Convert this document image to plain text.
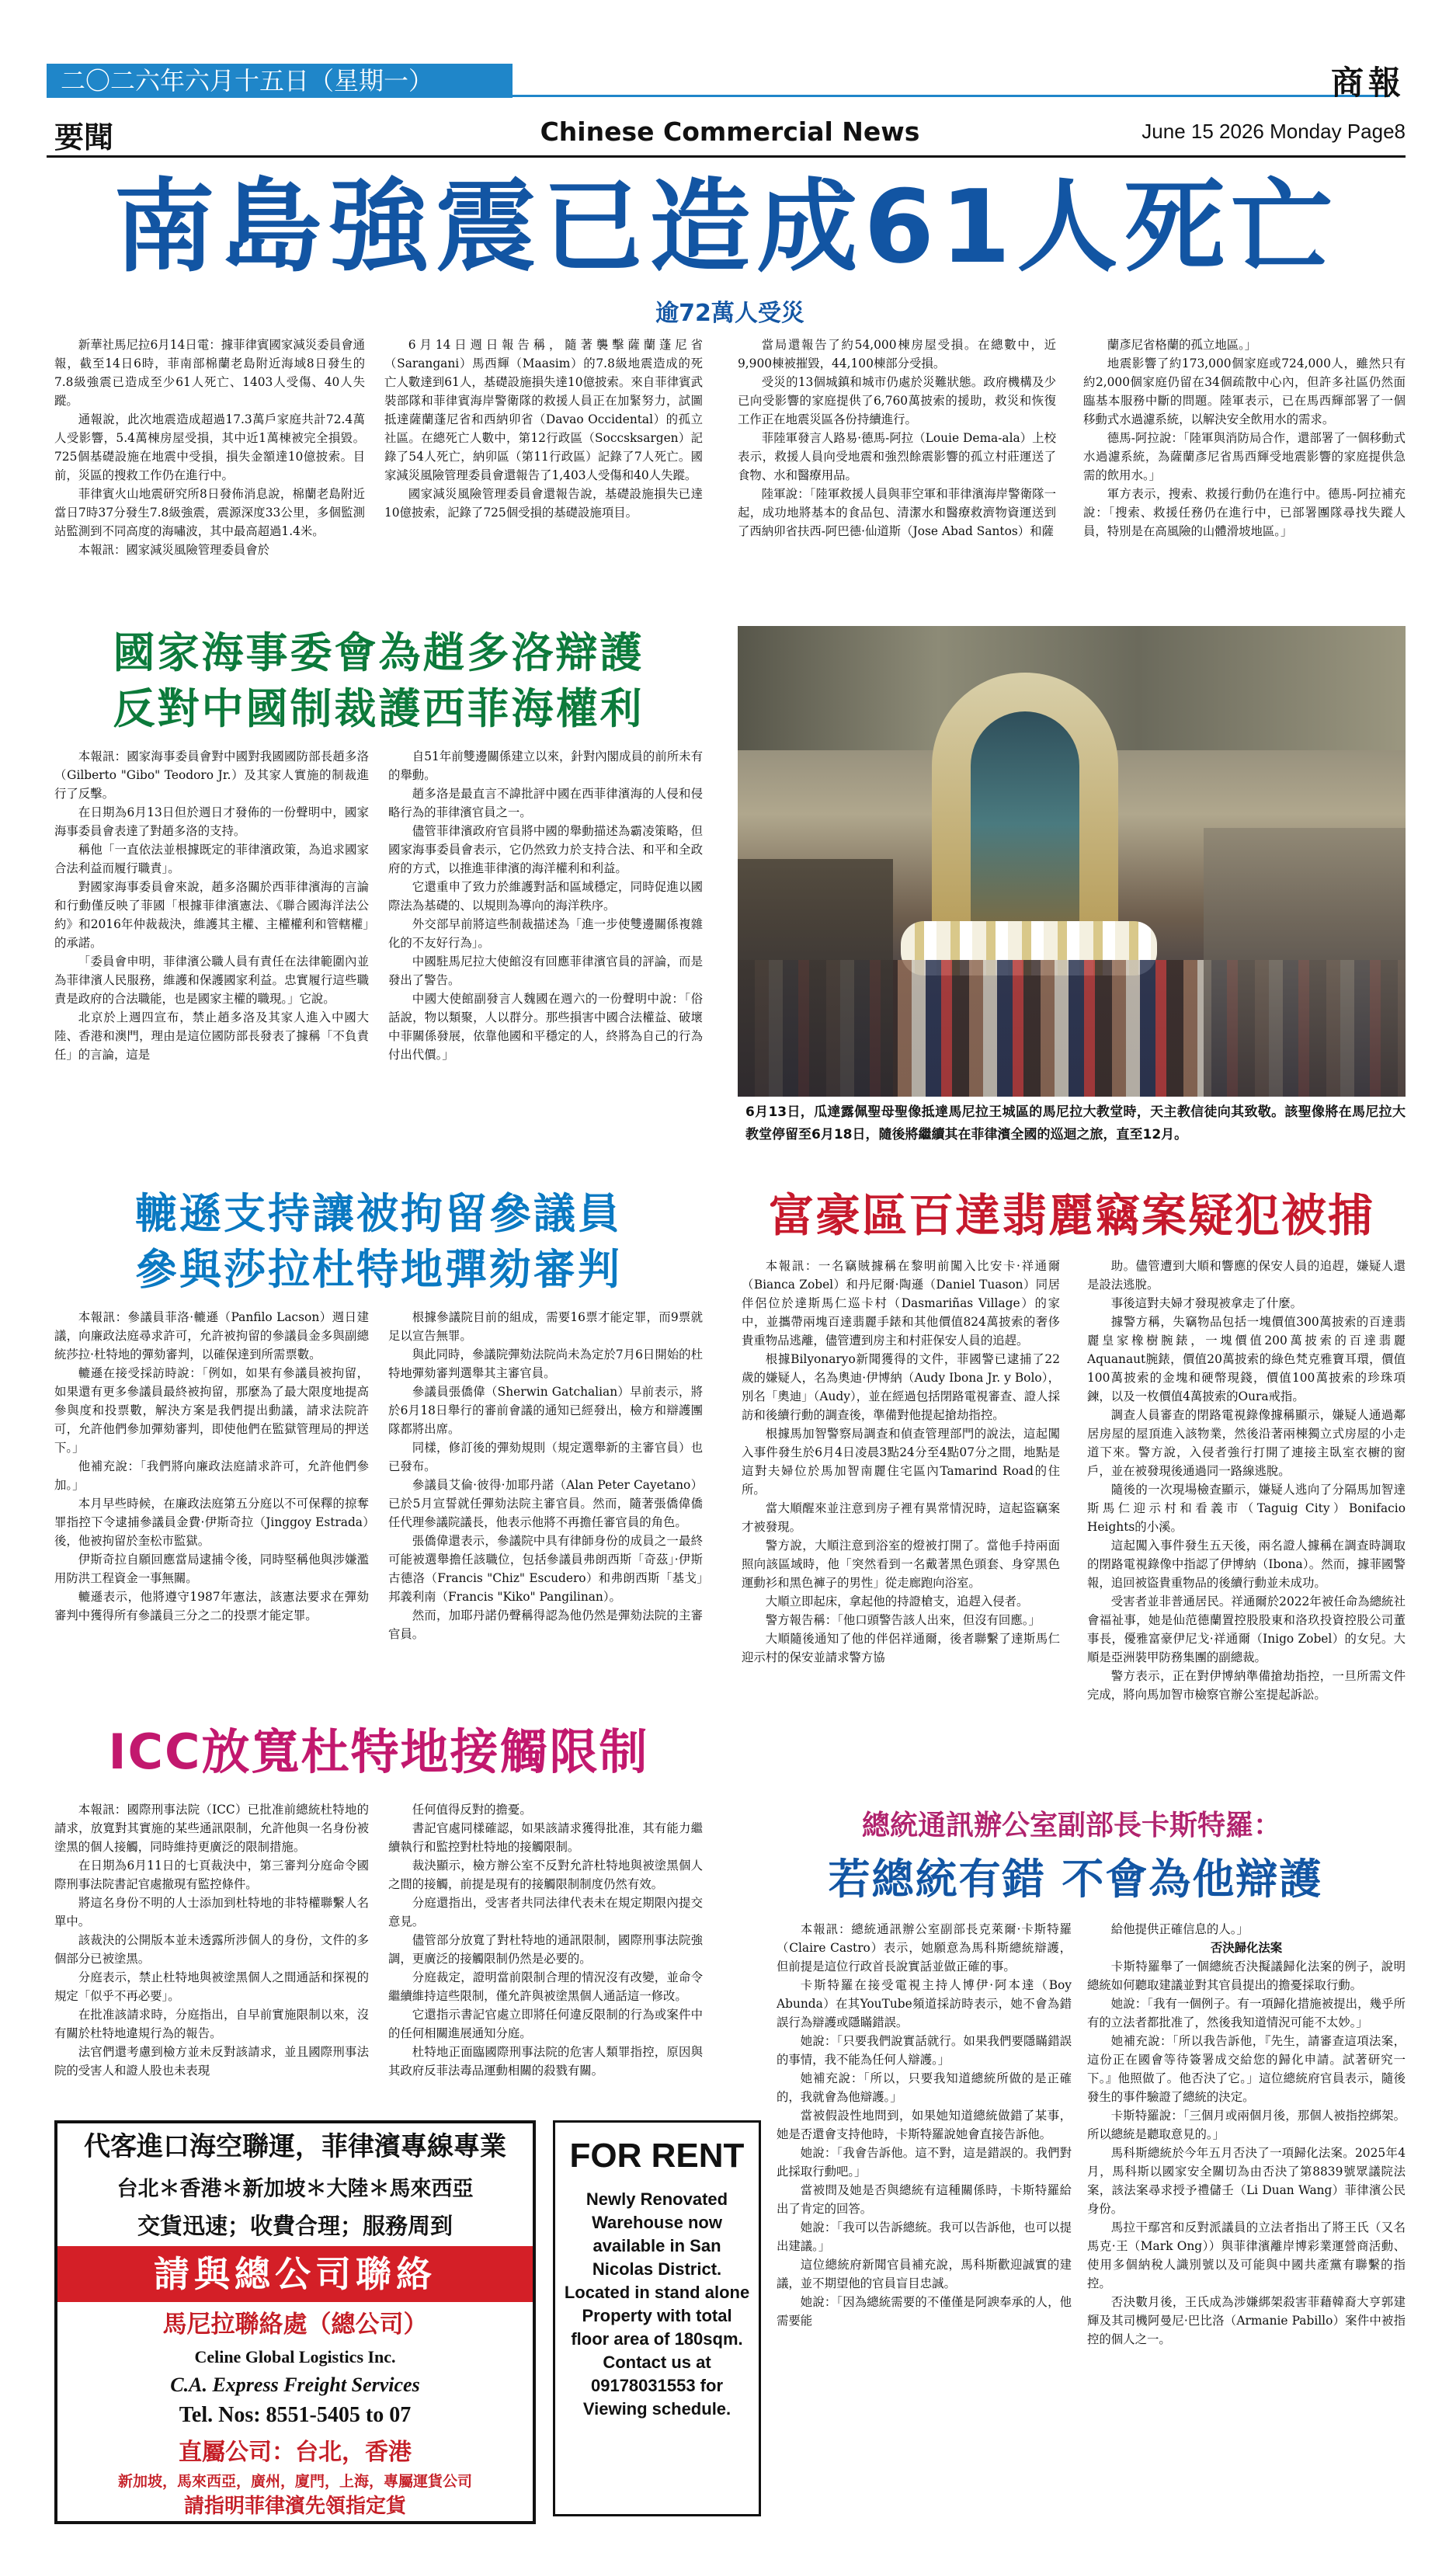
二〇二六年六月十五日（星期一）	商報
要聞	Chinese Commercial News	June 15 2026 Monday Page8
南島強震已造成61人死亡
逾72萬人受災

新華社馬尼拉6月14日電：據菲律賓國家減災委員會通報，截至14日6時，菲南部棉蘭老島附近海域8日發生的7.8級強震已造成至少61人死亡、1403人受傷、40人失蹤。

通報說，此次地震造成超過17.3萬戶家庭共計72.4萬人受影響，5.4萬棟房屋受損，其中近1萬棟被完全損毀。725個基礎設施在地震中受損，損失金額達10億披索。目前，災區的搜救工作仍在進行中。

菲律賓火山地震研究所8日發佈消息說，棉蘭老島附近當日7時37分發生7.8級強震，震源深度33公里，多個監測站監測到不同高度的海嘯波，其中最高超過1.4米。

本報訊：國家減災風險管理委員會於

6月14日週日報告稱，隨著襲擊薩蘭蓬尼省（Sarangani）馬西輝（Maasim）的7.8級地震造成的死亡人數達到61人，基礎設施損失達10億披索。來自菲律賓武裝部隊和菲律賓海岸警衛隊的救援人員正在加緊努力，試圖抵達薩蘭蓬尼省和西納卯省（Davao Occidental）的孤立社區。在總死亡人數中，第12行政區（Soccsksargen）記錄了54人死亡，納卯區（第11行政區）記錄了7人死亡。國家減災風險管理委員會還報告了1,403人受傷和40人失蹤。

國家減災風險管理委員會還報告說，基礎設施損失已達10億披索，記錄了725個受損的基礎設施項目。

當局還報告了約54,000棟房屋受損。在總數中，近9,900棟被摧毀，44,100棟部分受損。

受災的13個城鎮和城市仍處於災難狀態。政府機構及少已向受影響的家庭提供了6,760萬披索的援助，救災和恢復工作正在地震災區各份持續進行。

菲陸軍發言人路易·德馬-阿拉（Louie Dema-ala）上校表示，救援人員向受地震和強烈餘震影響的孤立村莊運送了食物、水和醫療用品。

陸軍說：「陸軍救援人員與菲空軍和菲律濱海岸警衛隊一起，成功地將基本的食品包、清潔水和醫療救濟物資運送到了西納卯省扶西-阿巴德·仙道斯（Jose Abad Santos）和薩

蘭彥尼省格蘭的孤立地區。」

地震影響了約173,000個家庭或724,000人，雖然只有約2,000個家庭仍留在34個疏散中心內，但許多社區仍然面臨基本服務中斷的問題。陸軍表示，已在馬西輝部署了一個移動式水過濾系統，以解決安全飲用水的需求。

德馬-阿拉說：「陸軍與消防局合作，還部署了一個移動式水過濾系統，為薩蘭彥尼省馬西輝受地震影響的家庭提供急需的飲用水。」

軍方表示，搜索、救援行動仍在進行中。德馬-阿拉補充說：「搜索、救援任務仍在進行中，已部署團隊尋找失蹤人員，特別是在高風險的山體滑坡地區。」

國家海事委會為趙多洛辯護
反對中國制裁護西菲海權利

本報訊：國家海事委員會對中國對我國國防部長趙多洛（Gilberto "Gibo" Teodoro Jr.）及其家人實施的制裁進行了反擊。

在日期為6月13日但於週日才發佈的一份聲明中，國家海事委員會表達了對趙多洛的支持。

稱他「一直依法並根據既定的菲律濱政策，為追求國家合法利益而履行職責」。

對國家海事委員會來說，趙多洛關於西菲律濱海的言論和行動僅反映了菲國「根據菲律濱憲法、《聯合國海洋法公約》和2016年仲裁裁決，維護其主權、主權權利和管轄權」的承諾。

「委員會申明，菲律濱公職人員有責任在法律範圍內並為菲律濱人民服務，維護和保護國家利益。忠實履行這些職責是政府的合法職能，也是國家主權的職現。」它說。

北京於上週四宣布，禁止趙多洛及其家人進入中國大陸、香港和澳門，理由是這位國防部長發表了據稱「不負責任」的言論，這是

自51年前雙邊關係建立以來，針對內閣成員的前所未有的舉動。

趙多洛是最直言不諱批評中國在西菲律濱海的人侵和侵略行為的菲律濱官員之一。

儘管菲律濱政府官員將中國的舉動描述為霸凌策略，但國家海事委員會表示，它仍然致力於支持合法、和平和全政府的方式，以推進菲律濱的海洋權利和利益。

它還重申了致力於維護對話和區域穩定，同時促進以國際法為基礎的、以規則為導向的海洋秩序。

外交部早前將這些制裁描述為「進一步使雙邊關係複雜化的不友好行為」。

中國駐馬尼拉大使館沒有回應菲律濱官員的評論，而是發出了警告。

中國大使館副發言人魏國在週六的一份聲明中說：「俗話說，物以類聚，人以群分。那些損害中國合法權益、破壞中菲關係發展，依靠他國和平穩定的人，終將為自己的行為付出代價。」

6月13日，瓜達露佩聖母聖像抵達馬尼拉王城區的馬尼拉大教堂時，天主教信徒向其致敬。該聖像將在馬尼拉大教堂停留至6月18日，隨後將繼續其在菲律濱全國的巡迴之旅，直至12月。
轆遜支持讓被拘留參議員
參與莎拉杜特地彈劾審判

本報訊：參議員菲洛·轆遜（Panfilo Lacson）週日建議，向廉政法庭尋求許可，允許被拘留的參議員金多與副總統莎拉·杜特地的彈劾審判，以確保達到所需票數。

轆遜在接受採訪時說：「例如，如果有參議員被拘留，如果還有更多參議員最終被拘留，那麼為了最大限度地提高參與度和投票數，解決方案是我們提出動議，請求法院許可，允許他們參加彈劾審判，即使他們在監獄管理局的押送下。」

他補充說：「我們將向廉政法庭請求許可，允許他們參加。」

本月早些時候，在廉政法庭第五分庭以不可保釋的掠奪罪指控下令逮捕參議員金費·伊斯奇拉（Jinggoy Estrada）後，他被拘留於奎松市監獄。

伊斯奇拉自願回應當局逮捕令後，同時堅稱他與涉嫌濫用防洪工程資金一事無關。

轆遜表示，他將遵守1987年憲法，該憲法要求在彈劾審判中獲得所有參議員三分之二的投票才能定罪。

根據參議院目前的組成，需要16票才能定罪，而9票就足以宣告無罪。

與此同時，參議院彈劾法院尚未為定於7月6日開始的杜特地彈劾審判選舉其主審官員。

參議員張僑偉（Sherwin Gatchalian）早前表示，將於6月18日舉行的審前會議的通知已經發出，檢方和辯護團隊都將出席。

同樣，修訂後的彈劾規則（規定選舉新的主審官員）也已發布。

參議員艾倫·彼得·加耶丹諾（Alan Peter Cayetano）已於5月宣誓就任彈劾法院主審官員。然而，隨著張僑偉僑任代理參議院議長，他表示他將不再擔任審官員的角色。

張僑偉還表示，參議院中具有律師身份的成員之一最終可能被選舉擔任該職位，包括參議員弗朗西斯「奇茲」·伊斯古德洛（Francis "Chiz" Escudero）和弗朗西斯「基戈」邦義利南（Francis "Kiko" Pangilinan）。

然而，加耶丹諾仍聲稱得認為他仍然是彈劾法院的主審官員。

富豪區百達翡麗竊案疑犯被捕

本報訊：一名竊賊據稱在黎明前闖入比安卡·祥通爾（Bianca Zobel）和丹尼爾·陶遜（Daniel Tuason）同居伴侶位於達斯馬仁巡卡村（Dasmariñas Village）的家中，並攜帶兩塊百達翡麗手錶和其他價值824萬披索的奢侈貴重物品逃離，儘管遭到房主和村莊保安人員的追趕。

根據Bilyonaryo新聞獲得的文件，菲國警已逮捕了22歲的嫌疑人，名為奧迪·伊博納（Audy Ibona Jr. y Bolo），別名「奧迪」（Audy），並在經過包括閉路電視審查、證人採訪和後續行動的調查後，準備對他提起搶劫指控。

根據馬加智警察局調查和偵查管理部門的說法，這起闖入事件發生於6月4日凌晨3點24分至4點07分之間，地點是這對夫婦位於馬加智南麗住宅區內Tamarind Road的住所。

當大順醒來並注意到房子裡有異常情況時，這起盜竊案才被發現。

警方說，大順注意到浴室的燈被打開了。當他手持兩面照向該區域時，他「突然看到一名戴著黑色頭套、身穿黑色運動衫和黑色褲子的男性」從走廊跑向浴室。

大順立即起床，拿起他的持證槍支，追趕入侵者。

警方報告稱：「他口頭警告該人出來，但沒有回應。」

大順隨後通知了他的伴侶祥通爾，後者聯繫了達斯馬仁迎示村的保安並請求警方協

助。儘管遭到大順和響應的保安人員的追趕，嫌疑人還是設法逃脫。

事後這對夫婦才發現被拿走了什麼。

據警方稱，失竊物品包括一塊價值300萬披索的百達翡麗皇家橡樹腕錶，一塊價值200萬披索的百達翡麗Aquanaut腕錶，價值20萬披索的綠色梵克雅寶耳環，價值100萬披索的金塊和硬幣現錢，價值100萬披索的珍珠項鍊，以及一枚價值4萬披索的Oura戒指。

調查人員審查的閉路電視錄像據稱顯示，嫌疑人通過鄰居房屋的屋頂進入該物業，然後沿著兩棟獨立式房屋的小走道下來。警方說，入侵者強行打開了連接主臥室衣櫥的窗戶，並在被發現後通過同一路線逃脫。

隨後的一次現場檢查顯示，嫌疑人逃向了分隔馬加智達斯馬仁迎示村和看義市（Taguig City）Bonifacio Heights的小溪。

這起闖入事件發生五天後，兩名證人據稱在調查時調取的閉路電視錄像中指認了伊博納（Ibona）。然而，據菲國警報，追回被盜貴重物品的後續行動並未成功。

受害者並非普通居民。祥通爾於2022年被任命為總統社會福祉事，她是仙范德蘭置控股股東和洛玖投資控股公司董事長，優雅富豪伊尼戈·祥通爾（Inigo Zobel）的女兒。大順是亞洲裝甲防務集團的副總裁。

警方表示，正在對伊博納準備搶劫指控，一旦所需文件完成，將向馬加智市檢察官辦公室提起訴訟。

ICC放寬杜特地接觸限制

本報訊：國際刑事法院（ICC）已批准前總統杜特地的請求，放寬對其實施的某些通訊限制，允許他與一名身份被塗黑的個人接觸，同時維持更廣泛的限制措施。

在日期為6月11日的七頁裁決中，第三審判分庭命令國際刑事法院書記官處撤現有監控條件。

將這名身份不明的人士添加到杜特地的非特權聯繫人名單中。

該裁決的公開版本並未透露所涉個人的身份，文件的多個部分已被塗黑。

分庭表示，禁止杜特地與被塗黑個人之間通話和探視的規定「似乎不再必要」。

在批准該請求時，分庭指出，自早前實施限制以來，沒有關於杜特地違規行為的報告。

法官們還考慮到檢方並未反對該請求，並且國際刑事法院的受害人和證人股也未表現

任何值得反對的擔憂。

書記官處同樣確認，如果該請求獲得批准，其有能力繼續執行和監控對杜特地的接觸限制。

裁決顯示，檢方辦公室不反對允許杜特地與被塗黑個人之間的接觸，前提是現有的接觸限制制度仍然有效。

分庭還指出，受害者共同法律代表未在規定期限內提交意見。

儘管部分放寬了對杜特地的通訊限制，國際刑事法院強調，更廣泛的接觸限制仍然是必要的。

分庭裁定，證明當前限制合理的情況沒有改變，並命令繼續維持這些限制，僅允許與被塗黑個人通話這一修改。

它還指示書記官處立即將任何違反限制的行為或案件中的任何相關進展通知分庭。

杜特地正面臨國際刑事法院的危害人類罪指控，原因與其政府反菲法毒品運動相關的殺戮有關。

總統通訊辦公室副部長卡斯特羅：
若總統有錯 不會為他辯護

本報訊：總統通訊辦公室副部長克萊爾·卡斯特羅（Claire Castro）表示，她願意為馬科斯總統辯護，但前提是這位行政首長說實話並做正確的事。

卡斯特羅在接受電視主持人博伊·阿本達（Boy Abunda）在其YouTube頻道採訪時表示，她不會為錯誤行為辯護或隱瞞錯誤。

她說：「只要我們說實話就行。如果我們要隱瞞錯誤的事情，我不能為任何人辯護。」

她補充說：「所以，只要我知道總統所做的是正確的，我就會為他辯護。」

當被假設性地問到，如果她知道總統做錯了某事，她是否還會支持他時，卡斯特羅說她會直接告訴他。

她說：「我會告訴他。這不對，這是錯誤的。我們對此採取行動吧。」

當被問及她是否與總統有這種關係時，卡斯特羅給出了肯定的回答。

她說：「我可以告訴總統。我可以告訴他，也可以提出建議。」

這位總統府新聞官員補充說，馬科斯歡迎誠實的建議，並不期望他的官員盲目忠誠。

她說：「因為總統需要的不僅僅是阿諛奉承的人，他需要能

給他提供正確信息的人。」

否決歸化法案

卡斯特羅舉了一個總統否決擬議歸化法案的例子，說明總統如何聽取建議並對其官員提出的擔憂採取行動。

她說：「我有一個例子。有一項歸化措施被提出，幾乎所有的立法者都批准了，然後我知道情況可能不太妙。」

她補充說：「所以我告訴他，『先生，請審查這項法案，這份正在國會等待簽署成交給您的歸化申請。試著研究一下。』他照做了。他否決了它。」這位總統府官員表示，隨後發生的事件驗證了總統的決定。

卡斯特羅說：「三個月或兩個月後，那個人被指控綁架。所以總統是聽取意見的。」

馬科斯總統於今年五月否決了一項歸化法案。2025年4月，馬科斯以國家安全關切為由否決了第8839號眾議院法案，該法案尋求授予禮儲壬（Li Duan Wang）菲律濱公民身份。

馬拉干鄢宮和反對派議員的立法者指出了將王氏（又名馬克·王（Mark Ong））與菲律濱離岸博彩業運營商活動、使用多個納稅人識別號以及可能與中國共產黨有聯繫的指控。

否決數月後，王氏成為涉嫌綁架殺害菲藉韓裔大亨郭建輝及其司機阿曼尼·巴比洛（Armanie Pabillo）案件中被指控的個人之一。

代客進口海空聯運，菲律濱專線專業
台北＊香港＊新加坡＊大陸＊馬來西亞
交貨迅速；收費合理；服務周到
請與總公司聯絡
馬尼拉聯絡處（總公司）
Celine Global Logistics Inc.
C.A. Express Freight Services
Tel. Nos: 8551-5405 to 07
直屬公司：台北，香港
新加坡，馬來西亞，廣州，廈門，上海，專屬運貨公司
請指明菲律濱先領指定貨
FOR RENT
Newly Renovated Warehouse now available in San Nicolas District. Located in stand alone Property with total floor area of 180sqm. Contact us at 09178031553 for Viewing schedule.
